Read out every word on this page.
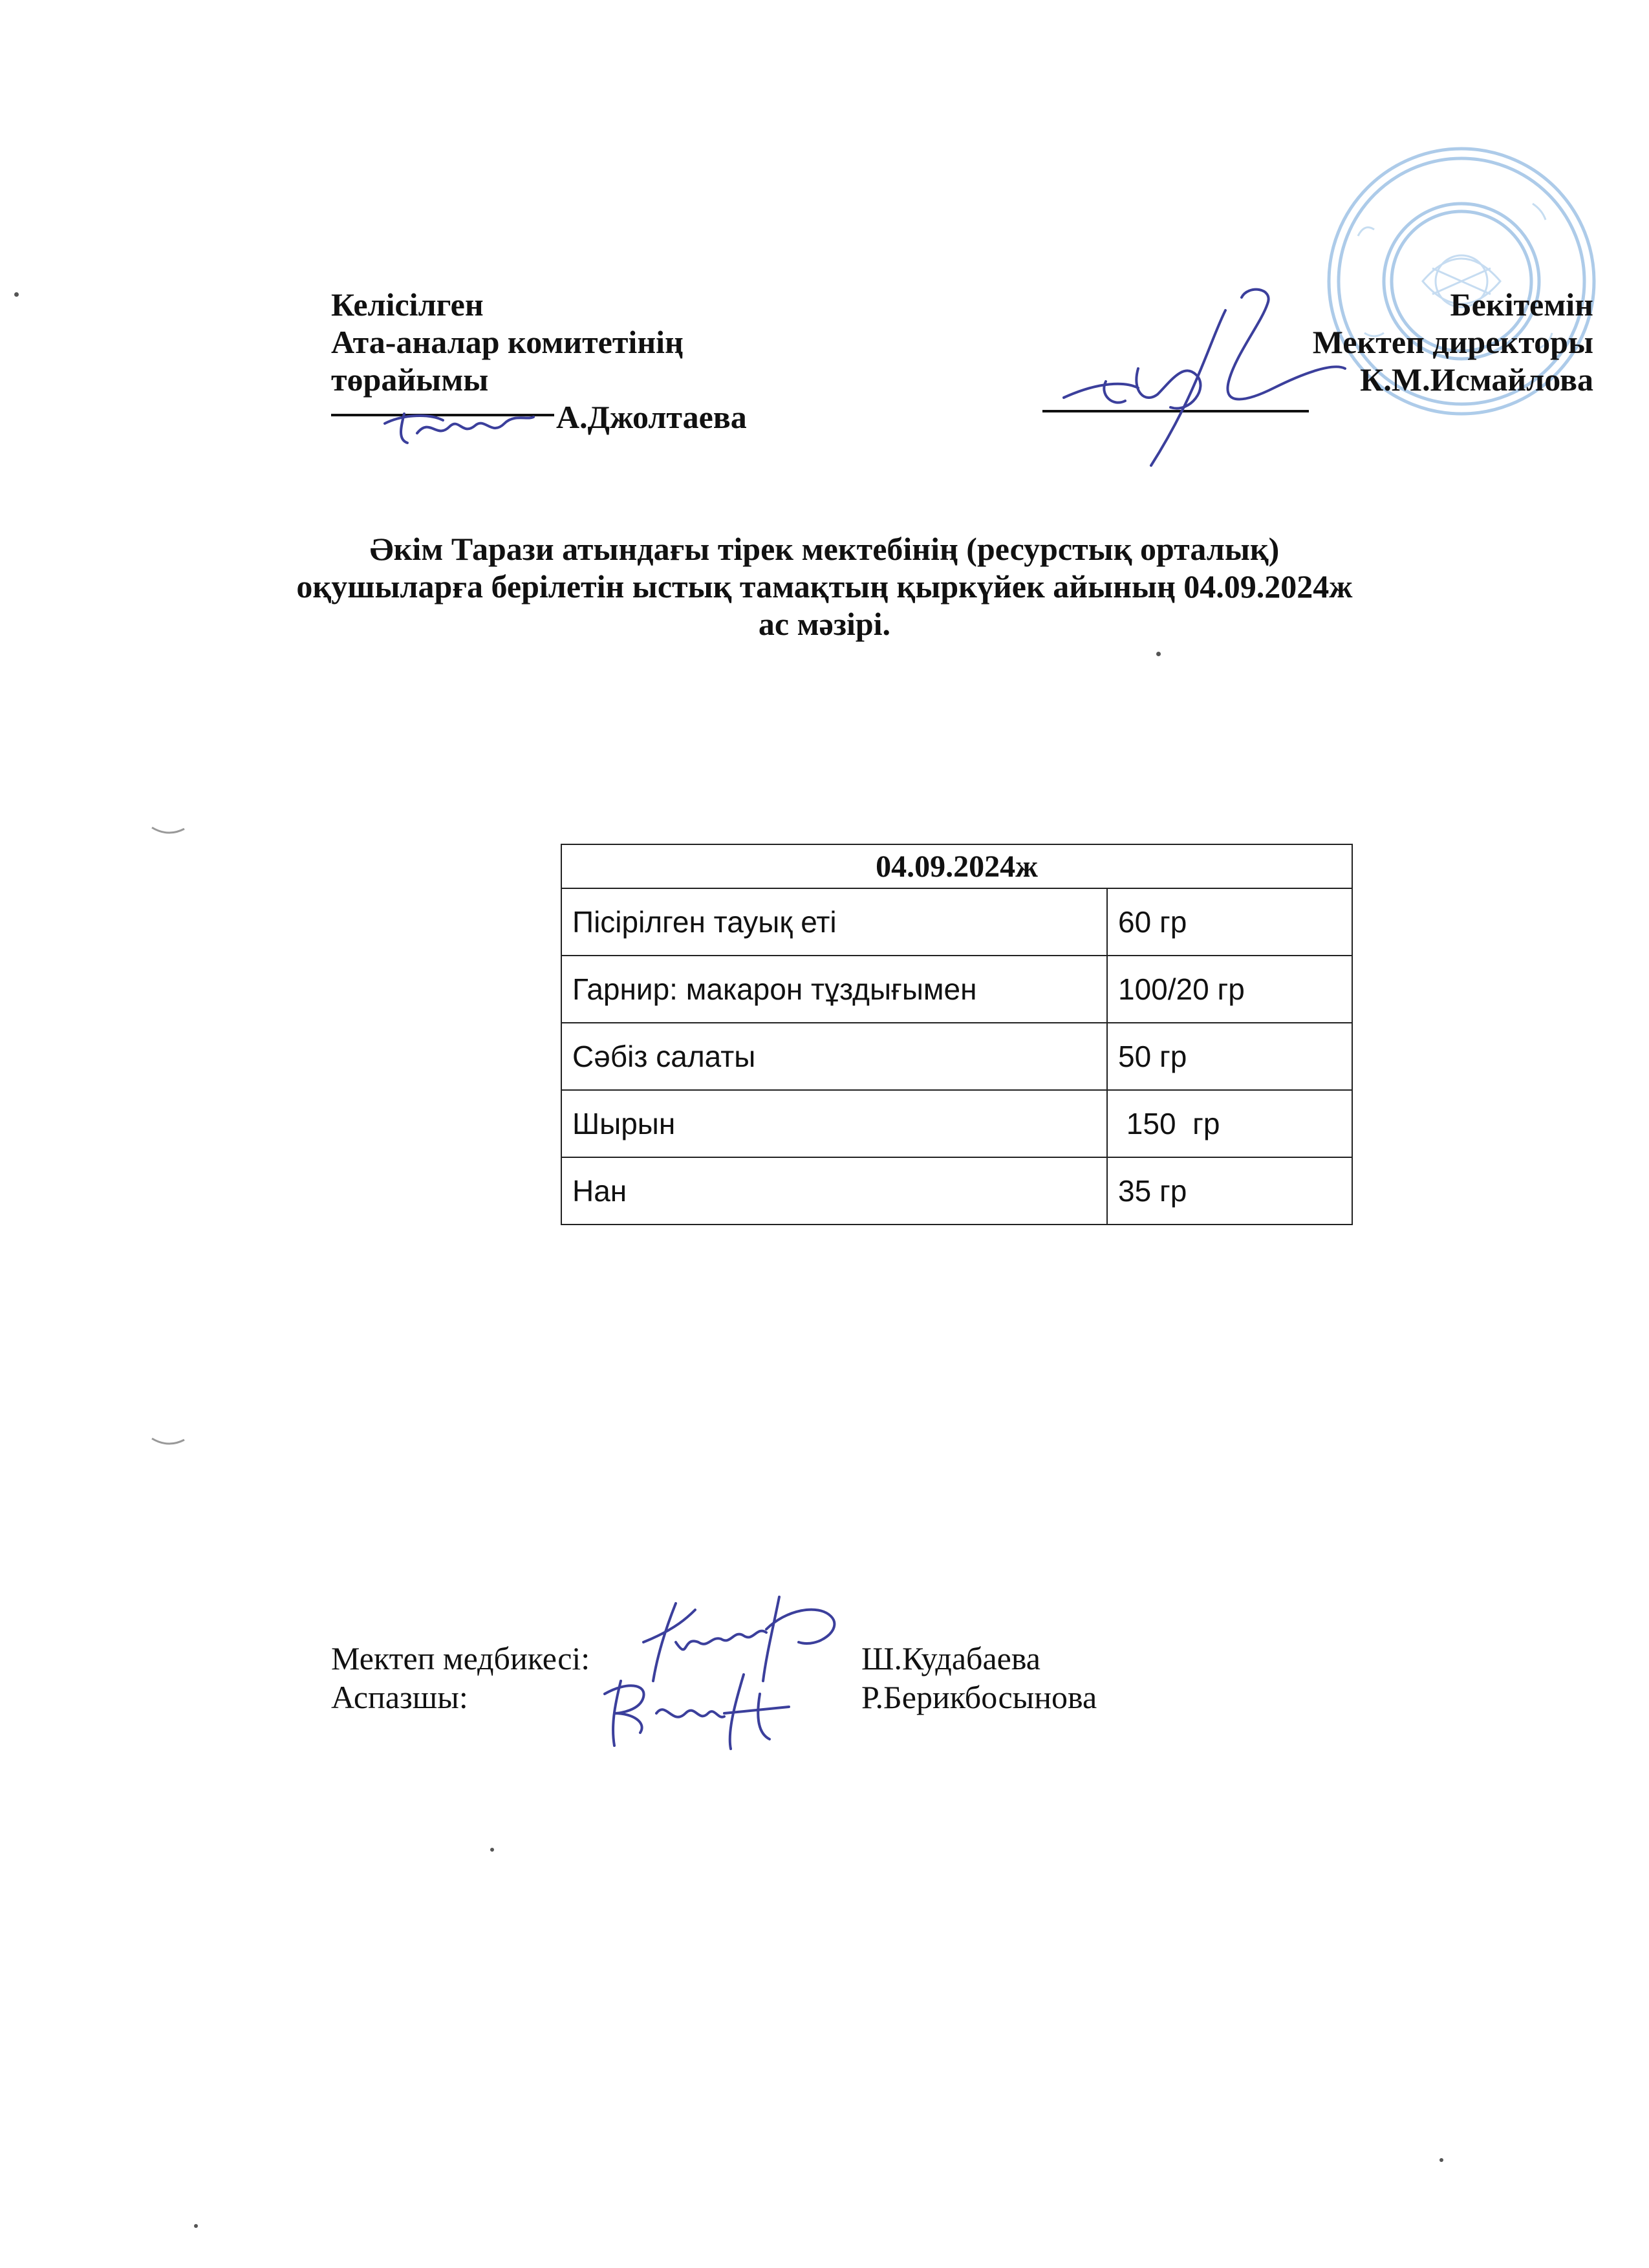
Келісілген
Ата-аналар комитетінің
төрайымы
А.Джолтаева
Бекітемін
Мектеп директоры
К.М.Исмайлова
Әкім Тарази атындағы тірек мектебінің (ресурстық орталық)
оқушыларға берілетін ыстық тамақтың қыркүйек айының 04.09.2024ж
ас мәзірі.
04.09.2024ж	
Пісірілген тауық еті	60 гр
Гарнир: макарон тұздығымен	100/20 гр
Сәбіз салаты	50 гр
Шырын	150  гр
Нан	35 гр
Мектеп медбикесі:	Ш.Кудабаева
Аспазшы:	Р.Берикбосынова
